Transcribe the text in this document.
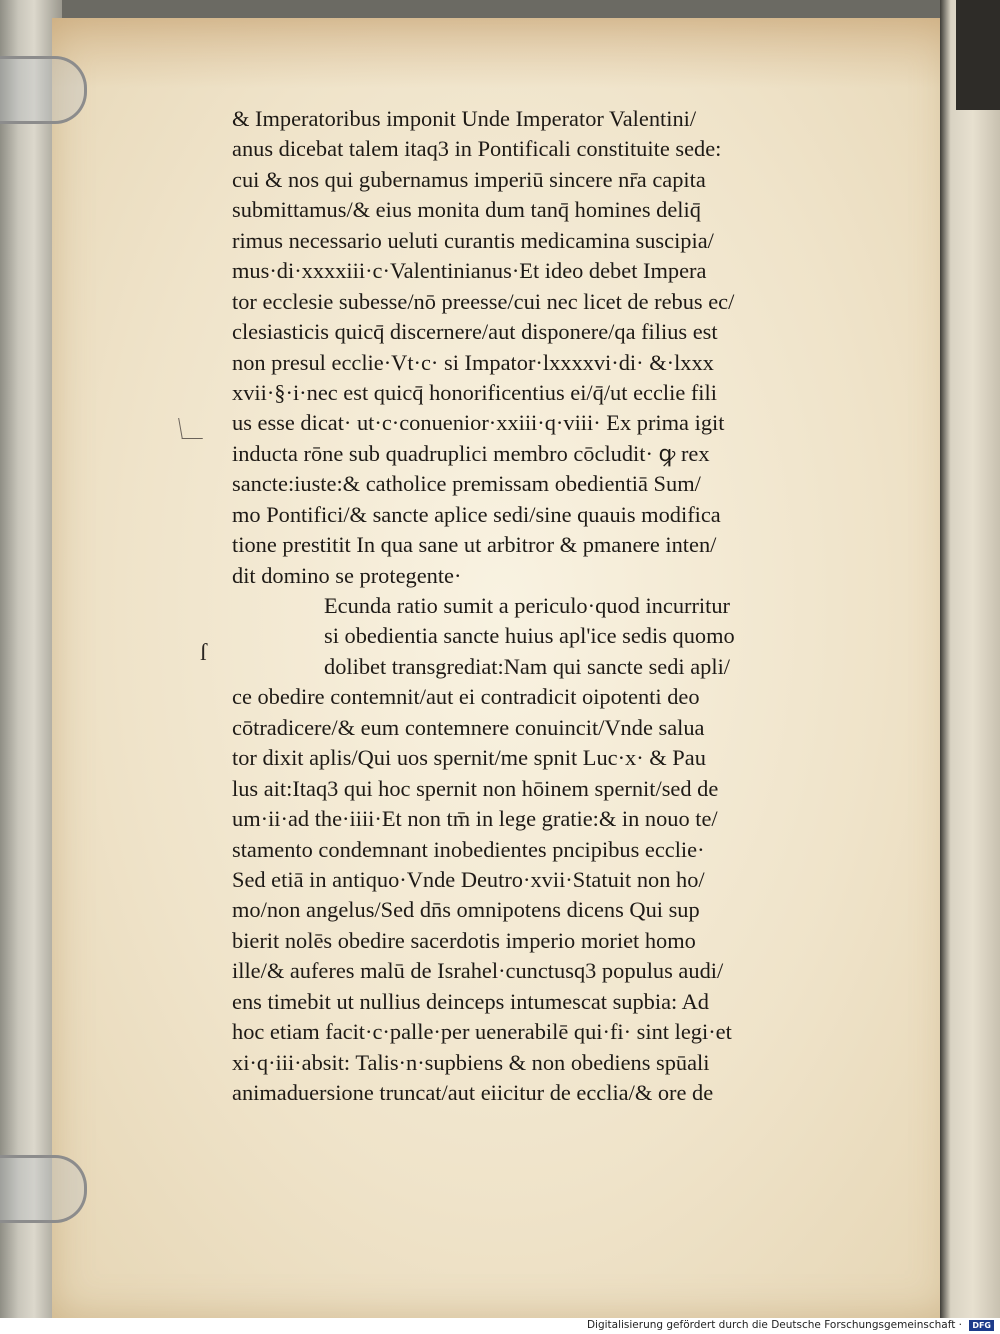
ſ
& Imperatoribus imponit Unde Imperator Valentini/
anus dicebat talem itaq3 in Pontificali constituite sede:
cui & nos qui gubernamus imperiū sincere nr̄a capita
submittamus/& eius monita dum tanq̄ homines deliq̄
rimus necessario ueluti curantis medicamina suscipia/
mus·di·xxxxiii·c·Valentinianus·Et ideo debet Impera
tor ecclesie subesse/nō preesse/cui nec licet de rebus ec/
clesiasticis quicq̄ discernere/aut disponere/qa filius est
non presul ecclie·Vt·c· si Impator·lxxxxvi·di· &·lxxx
xvii·§·i·nec est quicq̄ honorificentius ei/q̄/ut ecclie fili
us esse dicat· ut·c·conuenior·xxiii·q·viii· Ex prima igit
inducta rōne sub quadruplici membro cōcludit· ꝙ rex
sancte:iuste:& catholice premissam obedientiā Sum/
mo Pontifici/& sancte aplice sedi/sine quauis modifica
tione prestitit In qua sane ut arbitror & pmanere inten/
dit domino se protegente·
Ecunda ratio sumit a periculo·quod incurritur
si obedientia sancte huius apl'ice sedis quomo
dolibet transgrediat:Nam qui sancte sedi apli/
ce obedire contemnit/aut ei contradicit oipotenti deo
cōtradicere/& eum contemnere conuincit/Vnde salua
tor dixit aplis/Qui uos spernit/me spnit Luc·x· & Pau
lus ait:Itaq3 qui hoc spernit non hōinem spernit/sed de
um·ii·ad the·iiii·Et non tm̄ in lege gratie:& in nouo te/
stamento condemnant inobedientes pncipibus ecclie·
Sed etiā in antiquo·Vnde Deutro·xvii·Statuit non ho/
mo/non angelus/Sed dn̄s omnipotens dicens Qui sup
bierit nolēs obedire sacerdotis imperio moriet homo
ille/& auferes malū de Israhel·cunctusq3 populus audi/
ens timebit ut nullius deinceps intumescat supbia: Ad
hoc etiam facit·c·palle·per uenerabilē qui·fi· sint legi·et
xi·q·iii·absit: Talis·n·supbiens & non obediens spūali
animaduersione truncat/aut eiicitur de ecclia/& ore de
Digitalisierung gefördert durch die Deutsche Forschungsgemeinschaft ·	DFG
